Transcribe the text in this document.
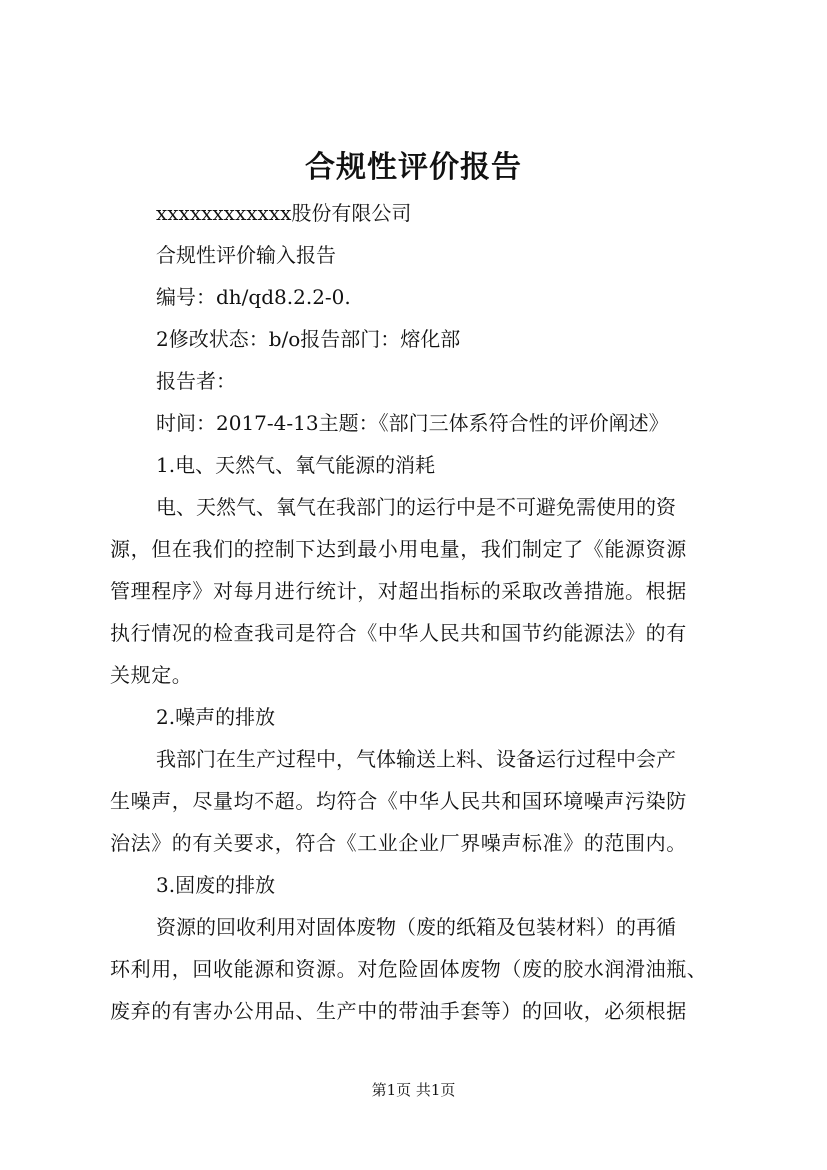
合规性评价报告
xxxxxxxxxxxx股份有限公司
合规性评价输入报告
编号：dh/qd8.2.2-0.
2修改状态：b/o报告部门：熔化部
报告者：
时间：2017-4-13主题：《部门三体系符合性的评价阐述》
1.电、天然气、氧气能源的消耗
电、天然气、氧气在我部门的运行中是不可避免需使用的资
源，但在我们的控制下达到最小用电量，我们制定了《能源资源
管理程序》对每月进行统计，对超出指标的采取改善措施。根据
执行情况的检查我司是符合《中华人民共和国节约能源法》的有
关规定。
2.噪声的排放
我部门在生产过程中，气体输送上料、设备运行过程中会产
生噪声，尽量均不超。均符合《中华人民共和国环境噪声污染防
治法》的有关要求，符合《工业企业厂界噪声标准》的范围内。
3.固废的排放
资源的回收利用对固体废物（废的纸箱及包装材料）的再循
环利用，回收能源和资源。对危险固体废物（废的胶水润滑油瓶、
废弃的有害办公用品、生产中的带油手套等）的回收，必须根据
第1页 共1页
